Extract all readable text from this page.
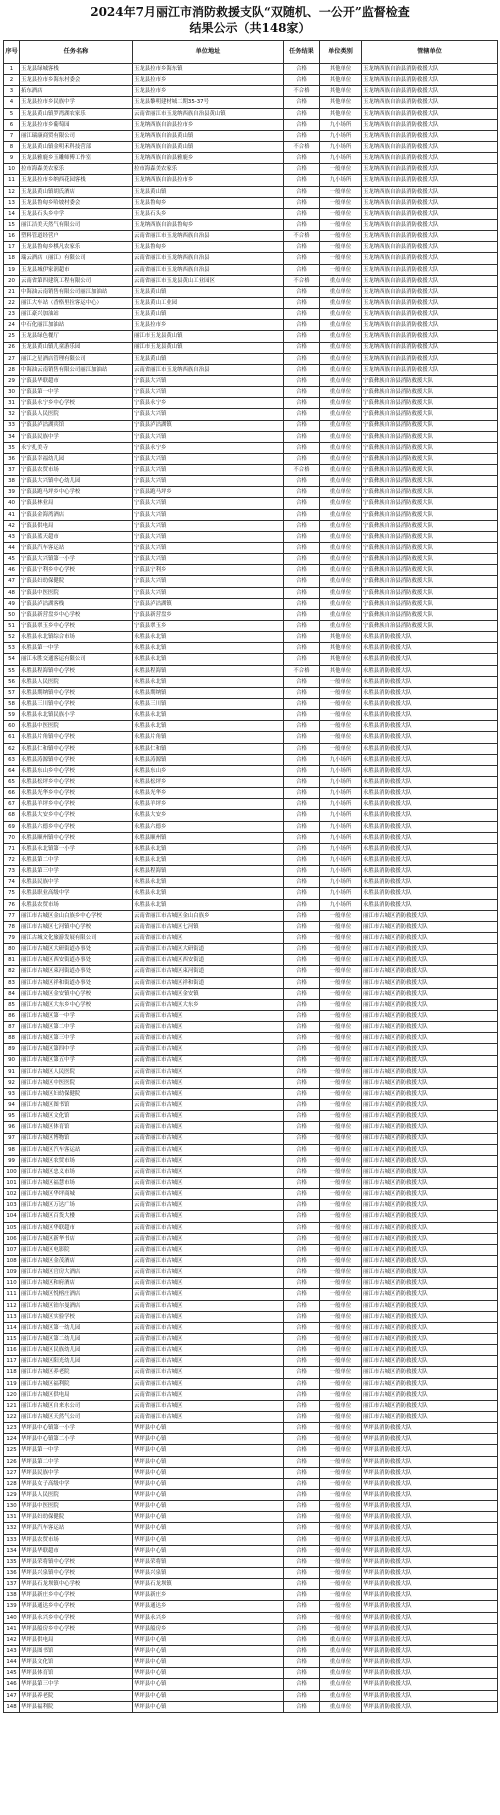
2024年7月丽江市消防救援支队“双随机、一公开”监督检查
结果公示（共148家）
序号	任务名称	单位地址	任务结果	单位类别	管辖单位
1	玉龙县绿城客栈	玉龙县拉市乡海东镇	合格	其他单位	玉龙纳西族自治县消防救援大队
2	玉龙县拉市乡海东村委会	玉龙县拉市乡	合格	其他单位	玉龙纳西族自治县消防救援大队
3	拓东酒店	玉龙县拉市乡	不合格	其他单位	玉龙纳西族自治县消防救援大队
4	玉龙县拉市乡民族中学	玉龙县黎明建材城二期35-37号	合格	其他单位	玉龙纳西族自治县消防救援大队
5	玉龙县黄山镇罗湾湖农家乐	云南省丽江市玉龙纳西族自治县黄山镇	合格	其他单位	玉龙纳西族自治县消防救援大队
6	玉龙县拉市乡葡萄园	玉龙纳西族自治县拉市乡	合格	九小场所	玉龙纳西族自治县消防救援大队
7	丽江瑞康商贸有限公司	玉龙纳西族自治县黄山镇	合格	九小场所	玉龙纳西族自治县消防救援大队
8	玉龙县黄山镇金明禾科技营部	玉龙纳西族自治县黄山镇	不合格	九小场所	玉龙纳西族自治县消防救援大队
9	玉龙县雅鹿乡玉雕师傅工作室	玉龙纳西族自治县雅鹿乡	合格	九小场所	玉龙纳西族自治县消防救援大队
10	拉市海森美农家乐	拉市海森美农家乐	合格	一般单位	玉龙纳西族自治县消防救援大队
11	玉龙县拉市乡纳西花园客栈	玉龙纳西族自治县拉市乡	合格	九小场所	玉龙纳西族自治县消防救援大队
12	玉龙县黄山镇胡氏酒店	玉龙县黄山镇	合格	一般单位	玉龙纳西族自治县消防救援大队
13	玉龙县鲁甸乡哈坡村委会	玉龙县鲁甸乡	合格	一般单位	玉龙纳西族自治县消防救援大队
14	玉龙县石头乡中学	玉龙县石头乡	合格	一般单位	玉龙纳西族自治县消防救援大队
15	丽江洁美天然气有限公司	玉龙纳西族自治县鲁甸乡	合格	一般单位	玉龙纳西族自治县消防救援大队
16	塑料管道经营户	云南省丽江市玉龙纳西族自治县	不合格	一般单位	玉龙纳西族自治县消防救援大队
17	玉龙县鲁甸乡棋凡农家乐	玉龙县鲁甸乡	合格	一般单位	玉龙纳西族自治县消防救援大队
18	瑞云酒店（丽江）有限公司	云南省丽江市玉龙纳西族自治县	合格	一般单位	玉龙纳西族自治县消防救援大队
19	玉龙县城伊家润超市	云南省丽江市玉龙纳西族自治县	合格	一般单位	玉龙纳西族自治县消防救援大队
20	云南省第四建筑工程有限公司	云南省丽江市玉龙县黄山工业园区	不合格	重点单位	玉龙纳西族自治县消防救援大队
21	中海油云南销售有限公司丽江加油站	玉龙县黄山镇	合格	重点单位	玉龙纳西族自治县消防救援大队
22	丽江大车站（香格里拉客运中心）	玉龙县黄山工业园	合格	重点单位	玉龙纳西族自治县消防救援大队
23	丽江豪兴加油站	玉龙县黄山镇	合格	重点单位	玉龙纳西族自治县消防救援大队
24	中石化丽江加油站	玉龙县拉市乡	合格	重点单位	玉龙纳西族自治县消防救援大队
25	玉龙县绿色餐厅	丽江市玉龙县黄山镇	合格	重点单位	玉龙纳西族自治县消防救援大队
26	玉龙县黄山镇儿童游乐园	丽江市玉龙县黄山镇	合格	重点单位	玉龙纳西族自治县消防救援大队
27	丽江之星酒店管理有限公司	玉龙县黄山镇	合格	重点单位	玉龙纳西族自治县消防救援大队
28	中海油云南销售有限公司丽江加油站	云南省丽江市玉龙纳西族自治县	合格	重点单位	玉龙纳西族自治县消防救援大队
29	宁蒗县华联超市	宁蒗县大兴镇	合格	重点单位	宁蒗彝族自治县消防救援大队
30	宁蒗县第一中学	宁蒗县大兴镇	合格	重点单位	宁蒗彝族自治县消防救援大队
31	宁蒗县永宁乡中心学校	宁蒗县永宁乡	合格	重点单位	宁蒗彝族自治县消防救援大队
32	宁蒗县人民医院	宁蒗县大兴镇	合格	重点单位	宁蒗彝族自治县消防救援大队
33	宁蒗县泸沽湖宾馆	宁蒗县泸沽湖镇	合格	重点单位	宁蒗彝族自治县消防救援大队
34	宁蒗县民族中学	宁蒗县大兴镇	合格	重点单位	宁蒗彝族自治县消防救援大队
35	永宁扎美寺	宁蒗县永宁乡	合格	重点单位	宁蒗彝族自治县消防救援大队
36	宁蒗县幸福幼儿园	宁蒗县大兴镇	合格	重点单位	宁蒗彝族自治县消防救援大队
37	宁蒗县农贸市场	宁蒗县大兴镇	不合格	重点单位	宁蒗彝族自治县消防救援大队
38	宁蒗县大兴镇中心幼儿园	宁蒗县大兴镇	合格	重点单位	宁蒗彝族自治县消防救援大队
39	宁蒗县跑马坪乡中心学校	宁蒗县跑马坪乡	合格	重点单位	宁蒗彝族自治县消防救援大队
40	宁蒗县林业局	宁蒗县大兴镇	合格	重点单位	宁蒗彝族自治县消防救援大队
41	宁蒗县金海湾酒店	宁蒗县大兴镇	合格	重点单位	宁蒗彝族自治县消防救援大队
42	宁蒗县供电局	宁蒗县大兴镇	合格	重点单位	宁蒗彝族自治县消防救援大队
43	宁蒗县蓝天超市	宁蒗县大兴镇	合格	重点单位	宁蒗彝族自治县消防救援大队
44	宁蒗县汽车客运站	宁蒗县大兴镇	合格	重点单位	宁蒗彝族自治县消防救援大队
45	宁蒗县大兴镇第一小学	宁蒗县大兴镇	合格	重点单位	宁蒗彝族自治县消防救援大队
46	宁蒗县宁利乡中心学校	宁蒗县宁利乡	合格	重点单位	宁蒗彝族自治县消防救援大队
47	宁蒗县妇幼保健院	宁蒗县大兴镇	合格	重点单位	宁蒗彝族自治县消防救援大队
48	宁蒗县中医医院	宁蒗县大兴镇	合格	重点单位	宁蒗彝族自治县消防救援大队
49	宁蒗县泸沽湖客栈	宁蒗县泸沽湖镇	合格	重点单位	宁蒗彝族自治县消防救援大队
50	宁蒗县新营盘乡中心学校	宁蒗县新营盘乡	合格	重点单位	宁蒗彝族自治县消防救援大队
51	宁蒗县翠玉乡中心学校	宁蒗县翠玉乡	合格	重点单位	宁蒗彝族自治县消防救援大队
52	永胜县永北镇综合市场	永胜县永北镇	合格	其他单位	永胜县消防救援大队
53	永胜县第一中学	永胜县永北镇	合格	其他单位	永胜县消防救援大队
54	丽江永胜交通客运有限公司	永胜县永北镇	合格	其他单位	永胜县消防救援大队
55	永胜县程海镇中心学校	永胜县程海镇	不合格	其他单位	永胜县消防救援大队
56	永胜县人民医院	永胜县永北镇	合格	一般单位	永胜县消防救援大队
57	永胜县期纳镇中心学校	永胜县期纳镇	合格	一般单位	永胜县消防救援大队
58	永胜县三川镇中心学校	永胜县三川镇	合格	一般单位	永胜县消防救援大队
59	永胜县永北镇民族小学	永胜县永北镇	合格	一般单位	永胜县消防救援大队
60	永胜县中医医院	永胜县永北镇	合格	一般单位	永胜县消防救援大队
61	永胜县片角镇中心学校	永胜县片角镇	合格	一般单位	永胜县消防救援大队
62	永胜县仁和镇中心学校	永胜县仁和镇	合格	一般单位	永胜县消防救援大队
63	永胜县涛源镇中心学校	永胜县涛源镇	合格	九小场所	永胜县消防救援大队
64	永胜县东山乡中心学校	永胜县东山乡	合格	九小场所	永胜县消防救援大队
65	永胜县松坪乡中心学校	永胜县松坪乡	合格	九小场所	永胜县消防救援大队
66	永胜县光华乡中心学校	永胜县光华乡	合格	九小场所	永胜县消防救援大队
67	永胜县羊坪乡中心学校	永胜县羊坪乡	合格	九小场所	永胜县消防救援大队
68	永胜县大安乡中心学校	永胜县大安乡	合格	九小场所	永胜县消防救援大队
69	永胜县六德乡中心学校	永胜县六德乡	合格	九小场所	永胜县消防救援大队
70	永胜县顺州镇中心学校	永胜县顺州镇	合格	九小场所	永胜县消防救援大队
71	永胜县永北镇第一小学	永胜县永北镇	合格	九小场所	永胜县消防救援大队
72	永胜县第二中学	永胜县永北镇	合格	九小场所	永胜县消防救援大队
73	永胜县第三中学	永胜县程海镇	合格	九小场所	永胜县消防救援大队
74	永胜县民族中学	永胜县永北镇	合格	九小场所	永胜县消防救援大队
75	永胜县职业高级中学	永胜县永北镇	合格	九小场所	永胜县消防救援大队
76	永胜县农贸市场	永胜县永北镇	合格	九小场所	永胜县消防救援大队
77	丽江市古城区金山白族乡中心学校	云南省丽江市古城区金山白族乡	合格	一般单位	丽江市古城区消防救援大队
78	丽江市古城区七河镇中心学校	云南省丽江市古城区七河镇	合格	一般单位	丽江市古城区消防救援大队
79	丽江古城文化旅游发展有限公司	云南省丽江市古城区	合格	一般单位	丽江市古城区消防救援大队
80	丽江市古城区大研街道办事处	云南省丽江市古城区大研街道	合格	一般单位	丽江市古城区消防救援大队
81	丽江市古城区西安街道办事处	云南省丽江市古城区西安街道	合格	一般单位	丽江市古城区消防救援大队
82	丽江市古城区束河街道办事处	云南省丽江市古城区束河街道	合格	一般单位	丽江市古城区消防救援大队
83	丽江市古城区祥和街道办事处	云南省丽江市古城区祥和街道	合格	一般单位	丽江市古城区消防救援大队
84	丽江市古城区金安镇中心学校	云南省丽江市古城区金安镇	合格	一般单位	丽江市古城区消防救援大队
85	丽江市古城区大东乡中心学校	云南省丽江市古城区大东乡	合格	一般单位	丽江市古城区消防救援大队
86	丽江市古城区第一中学	云南省丽江市古城区	合格	一般单位	丽江市古城区消防救援大队
87	丽江市古城区第二中学	云南省丽江市古城区	合格	一般单位	丽江市古城区消防救援大队
88	丽江市古城区第三中学	云南省丽江市古城区	合格	一般单位	丽江市古城区消防救援大队
89	丽江市古城区第四中学	云南省丽江市古城区	合格	一般单位	丽江市古城区消防救援大队
90	丽江市古城区第五中学	云南省丽江市古城区	合格	一般单位	丽江市古城区消防救援大队
91	丽江市古城区人民医院	云南省丽江市古城区	合格	一般单位	丽江市古城区消防救援大队
92	丽江市古城区中医医院	云南省丽江市古城区	合格	一般单位	丽江市古城区消防救援大队
93	丽江市古城区妇幼保健院	云南省丽江市古城区	合格	一般单位	丽江市古城区消防救援大队
94	丽江市古城区图书馆	云南省丽江市古城区	合格	一般单位	丽江市古城区消防救援大队
95	丽江市古城区文化馆	云南省丽江市古城区	合格	一般单位	丽江市古城区消防救援大队
96	丽江市古城区体育馆	云南省丽江市古城区	合格	一般单位	丽江市古城区消防救援大队
97	丽江市古城区博物馆	云南省丽江市古城区	合格	一般单位	丽江市古城区消防救援大队
98	丽江市古城区汽车客运站	云南省丽江市古城区	合格	一般单位	丽江市古城区消防救援大队
99	丽江市古城区农贸市场	云南省丽江市古城区	合格	一般单位	丽江市古城区消防救援大队
100	丽江市古城区忠义市场	云南省丽江市古城区	合格	一般单位	丽江市古城区消防救援大队
101	丽江市古城区福慧市场	云南省丽江市古城区	合格	一般单位	丽江市古城区消防救援大队
102	丽江市古城区华坪商城	云南省丽江市古城区	合格	一般单位	丽江市古城区消防救援大队
103	丽江市古城区万达广场	云南省丽江市古城区	合格	一般单位	丽江市古城区消防救援大队
104	丽江市古城区百货大楼	云南省丽江市古城区	合格	一般单位	丽江市古城区消防救援大队
105	丽江市古城区华联超市	云南省丽江市古城区	合格	一般单位	丽江市古城区消防救援大队
106	丽江市古城区新华书店	云南省丽江市古城区	合格	一般单位	丽江市古城区消防救援大队
107	丽江市古城区电影院	云南省丽江市古城区	合格	一般单位	丽江市古城区消防救援大队
108	丽江市古城区金茂酒店	云南省丽江市古城区	合格	一般单位	丽江市古城区消防救援大队
109	丽江市古城区官房大酒店	云南省丽江市古城区	合格	一般单位	丽江市古城区消防救援大队
110	丽江市古城区和府酒店	云南省丽江市古城区	合格	一般单位	丽江市古城区消防救援大队
111	丽江市古城区悦榕庄酒店	云南省丽江市古城区	合格	一般单位	丽江市古城区消防救援大队
112	丽江市古城区铂尔曼酒店	云南省丽江市古城区	合格	一般单位	丽江市古城区消防救援大队
113	丽江市古城区实验学校	云南省丽江市古城区	合格	一般单位	丽江市古城区消防救援大队
114	丽江市古城区第一幼儿园	云南省丽江市古城区	合格	一般单位	丽江市古城区消防救援大队
115	丽江市古城区第二幼儿园	云南省丽江市古城区	合格	一般单位	丽江市古城区消防救援大队
116	丽江市古城区民族幼儿园	云南省丽江市古城区	合格	一般单位	丽江市古城区消防救援大队
117	丽江市古城区阳光幼儿园	云南省丽江市古城区	合格	一般单位	丽江市古城区消防救援大队
118	丽江市古城区养老院	云南省丽江市古城区	合格	一般单位	丽江市古城区消防救援大队
119	丽江市古城区福利院	云南省丽江市古城区	合格	一般单位	丽江市古城区消防救援大队
120	丽江市古城区供电局	云南省丽江市古城区	合格	一般单位	丽江市古城区消防救援大队
121	丽江市古城区自来水公司	云南省丽江市古城区	合格	一般单位	丽江市古城区消防救援大队
122	丽江市古城区天然气公司	云南省丽江市古城区	合格	一般单位	丽江市古城区消防救援大队
123	华坪县中心镇第一小学	华坪县中心镇	合格	一般单位	华坪县消防救援大队
124	华坪县中心镇第二小学	华坪县中心镇	合格	一般单位	华坪县消防救援大队
125	华坪县第一中学	华坪县中心镇	合格	一般单位	华坪县消防救援大队
126	华坪县第二中学	华坪县中心镇	合格	一般单位	华坪县消防救援大队
127	华坪县民族中学	华坪县中心镇	合格	一般单位	华坪县消防救援大队
128	华坪县女子高级中学	华坪县中心镇	合格	一般单位	华坪县消防救援大队
129	华坪县人民医院	华坪县中心镇	合格	一般单位	华坪县消防救援大队
130	华坪县中医医院	华坪县中心镇	合格	一般单位	华坪县消防救援大队
131	华坪县妇幼保健院	华坪县中心镇	合格	一般单位	华坪县消防救援大队
132	华坪县汽车客运站	华坪县中心镇	合格	一般单位	华坪县消防救援大队
133	华坪县农贸市场	华坪县中心镇	合格	一般单位	华坪县消防救援大队
134	华坪县华联超市	华坪县中心镇	合格	一般单位	华坪县消防救援大队
135	华坪县荣将镇中心学校	华坪县荣将镇	合格	一般单位	华坪县消防救援大队
136	华坪县兴泉镇中心学校	华坪县兴泉镇	合格	一般单位	华坪县消防救援大队
137	华坪县石龙坝镇中心学校	华坪县石龙坝镇	合格	一般单位	华坪县消防救援大队
138	华坪县新庄乡中心学校	华坪县新庄乡	合格	一般单位	华坪县消防救援大队
139	华坪县通达乡中心学校	华坪县通达乡	合格	一般单位	华坪县消防救援大队
140	华坪县永兴乡中心学校	华坪县永兴乡	合格	一般单位	华坪县消防救援大队
141	华坪县船房乡中心学校	华坪县船房乡	合格	一般单位	华坪县消防救援大队
142	华坪县供电局	华坪县中心镇	合格	重点单位	华坪县消防救援大队
143	华坪县图书馆	华坪县中心镇	合格	重点单位	华坪县消防救援大队
144	华坪县文化馆	华坪县中心镇	合格	重点单位	华坪县消防救援大队
145	华坪县体育馆	华坪县中心镇	合格	重点单位	华坪县消防救援大队
146	华坪县第三中学	华坪县中心镇	合格	重点单位	华坪县消防救援大队
147	华坪县养老院	华坪县中心镇	合格	重点单位	华坪县消防救援大队
148	华坪县福利院	华坪县中心镇	合格	重点单位	华坪县消防救援大队
